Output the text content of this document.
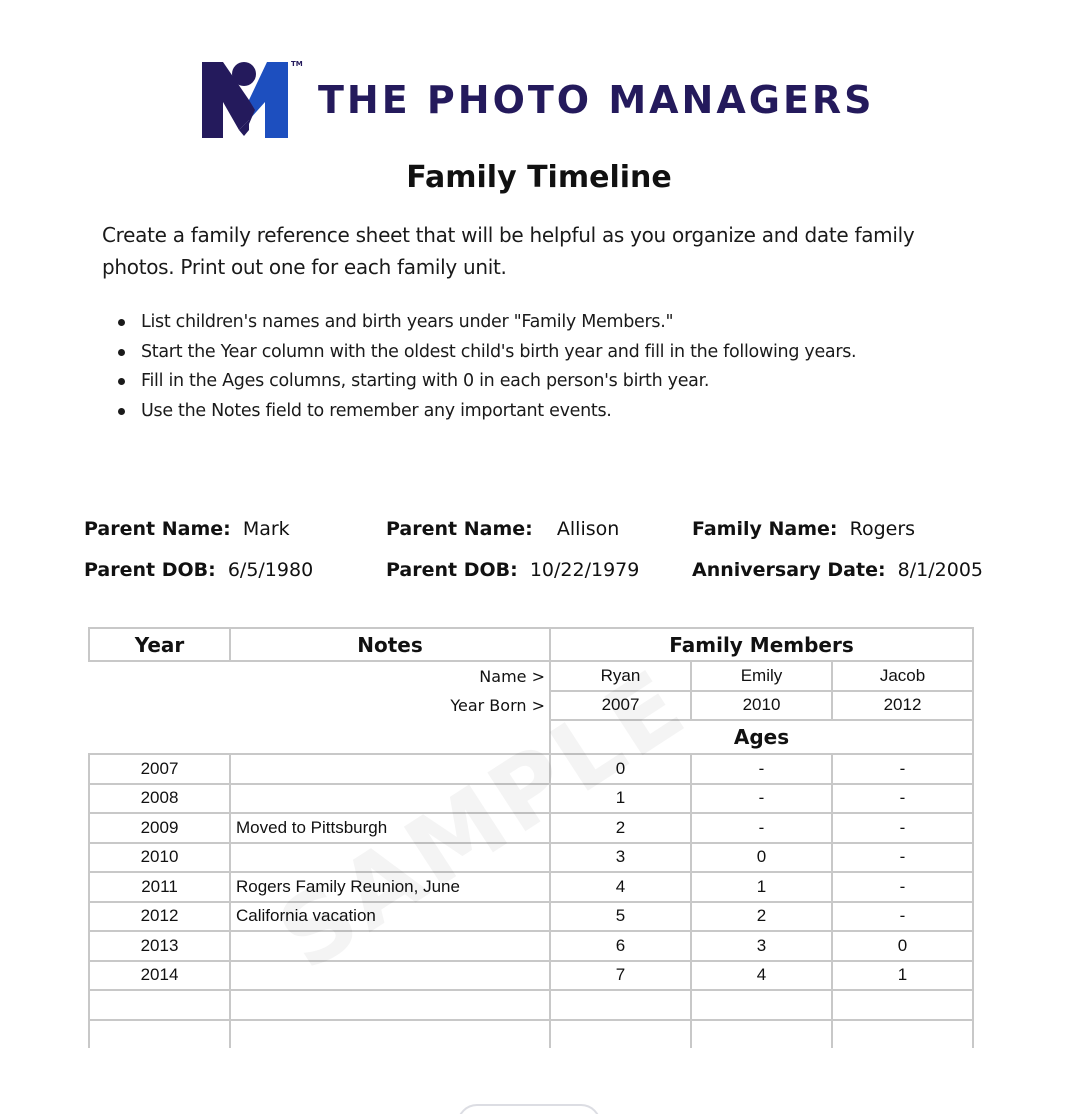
TM
THE PHOTO MANAGERS
Family Timeline

Create a family reference sheet that will be helpful as you organize and date family photos. Print out one for each family unit.

List children's names and birth years under "Family Members."
Start the Year column with the oldest child's birth year and fill in the following years.
Fill in the Ages columns, starting with 0 in each person's birth year.
Use the Notes field to remember any important events.
Parent Name: Mark
Parent DOB: 6/5/1980
Parent Name: Allison
Parent DOB: 10/22/1979
Family Name: Rogers
Anniversary Date: 8/1/2005
Year	Notes	Family Members		
Name >		Ryan	Emily	Jacob
Year Born >		2007	2010	2012
		Ages		
2007		0	-	-
2008		1	-	-
2009	Moved to Pittsburgh	2	-	-
2010		3	0	-
2011	Rogers Family Reunion, June	4	1	-
2012	California vacation	5	2	-
2013		6	3	0
2014		7	4	1
